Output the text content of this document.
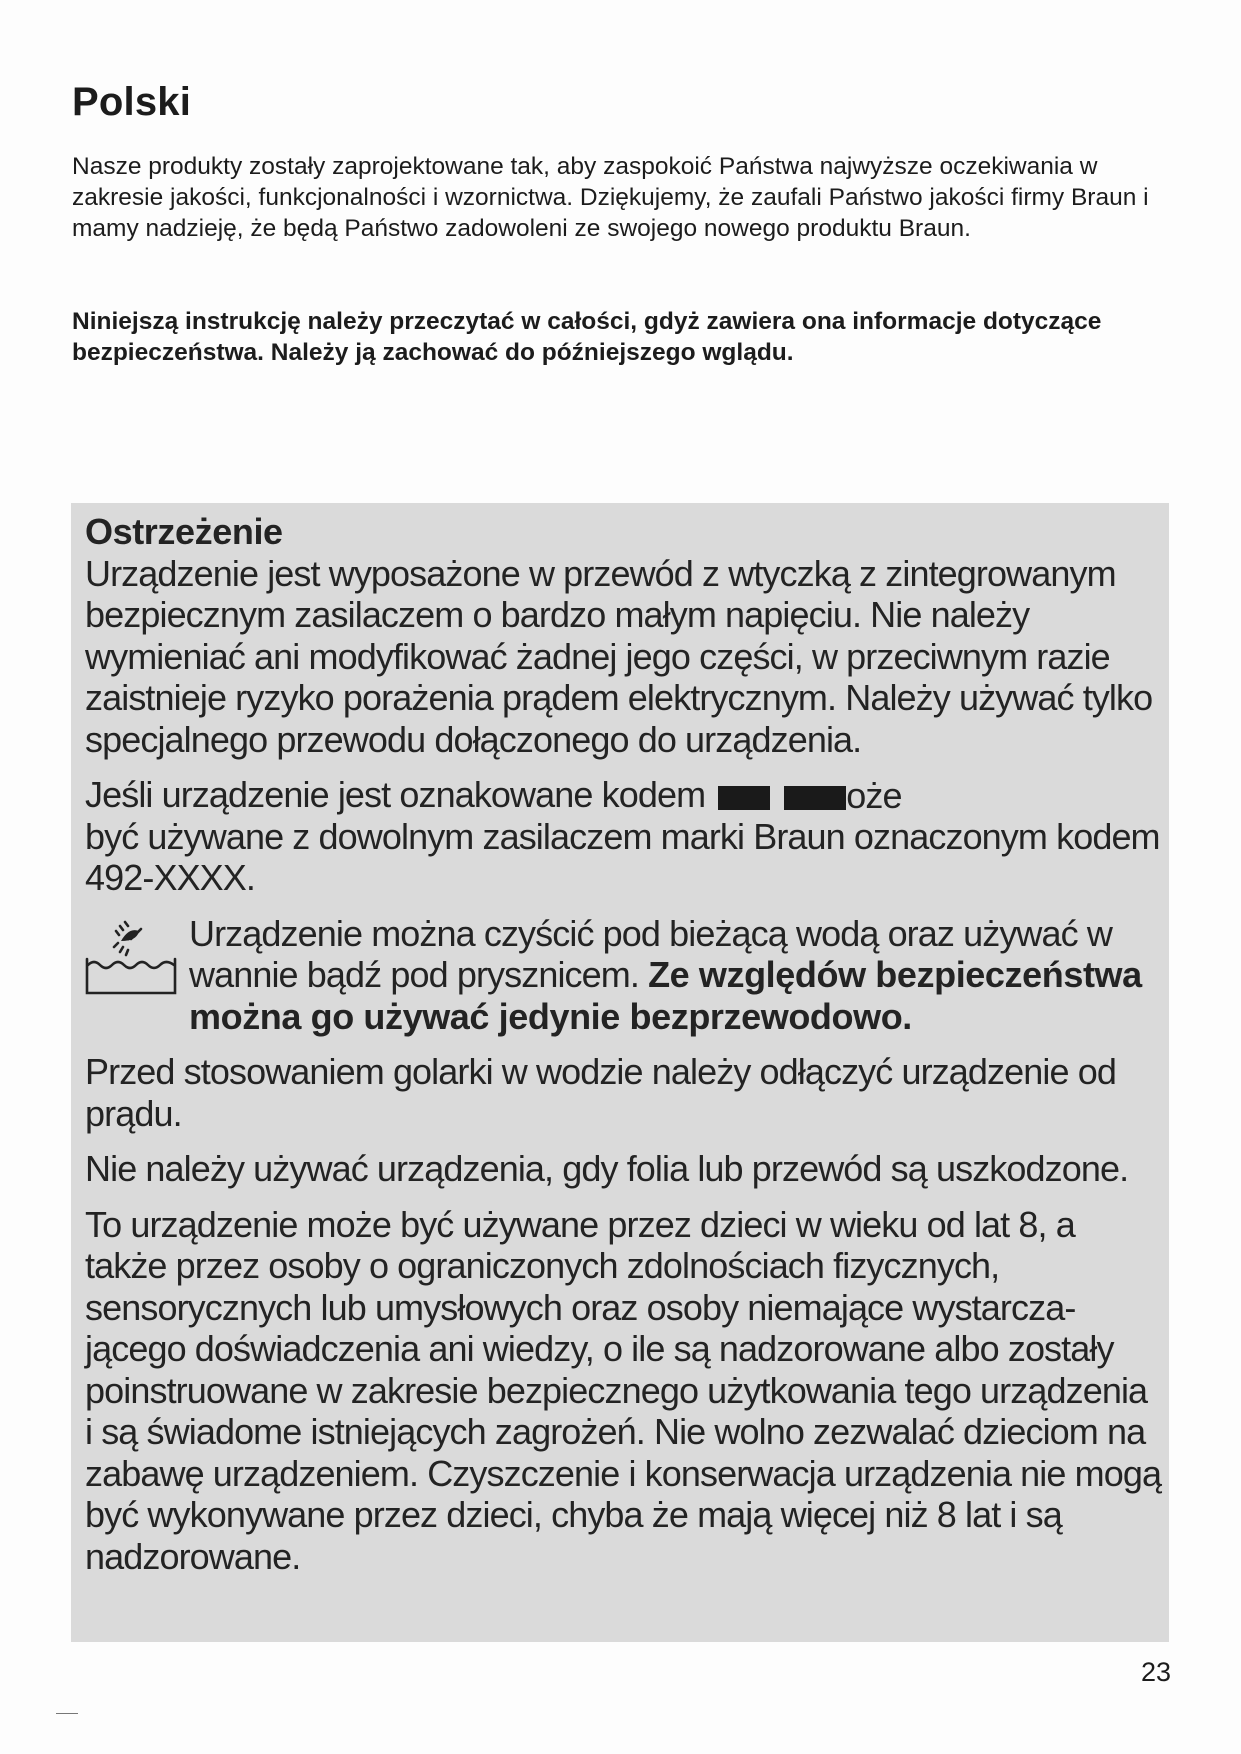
Polski

Nasze produkty zostały zaprojektowane tak, aby zaspokoić Państwa najwyższe oczekiwania w zakresie jakości, funkcjonalności i wzornictwa. Dziękujemy, że zaufali Państwo jakości firmy Braun i mamy nadzieję, że będą Państwo zadowoleni ze swojego nowego produktu Braun.

Niniejszą instrukcję należy przeczytać w całości, gdyż zawiera ona informacje dotyczące bezpieczeństwa. Należy ją zachować do późniejszego wglądu.

Ostrzeżenie
Urządzenie jest wyposażone w przewód z wtyczką z zintegrowanym bezpiecznym zasilaczem o bardzo małym napięciu. Nie należy wymieniać ani modyfikować żadnej jego części, w przeciwnym razie zaistnieje ryzyko porażenia prądem elektrycznym. Należy używać tylko specjalnego przewodu dołączonego do urządzenia.

Jeśli urządzenie jest oznakowane kodem	oże

być używane z dowolnym zasilaczem marki Braun oznaczonym kodem 492-XXXX.

Urządzenie można czyścić pod bieżącą wodą oraz używać w wannie bądź pod prysznicem. Ze względów bezpieczeństwa można go używać jedynie bezprzewodowo.

Przed stosowaniem golarki w wodzie należy odłączyć urządzenie od prądu.

Nie należy używać urządzenia, gdy folia lub przewód są uszkodzone.

To urządzenie może być używane przez dzieci w wieku od lat 8, a także przez osoby o ograniczonych zdolnościach fizycznych, sensorycznych lub umysłowych oraz osoby niemające wystarczającego doświadczenia ani wiedzy, o ile są nadzorowane albo zostały poinstruowane w zakresie bezpiecznego użytkowania tego urządzenia i są świadome istniejących zagrożeń. Nie wolno zezwalać dzieciom na zabawę urządzeniem. Czyszczenie i konserwacja urządzenia nie mogą być wykonywane przez dzieci, chyba że mają więcej niż 8 lat i są nadzorowane.

23
